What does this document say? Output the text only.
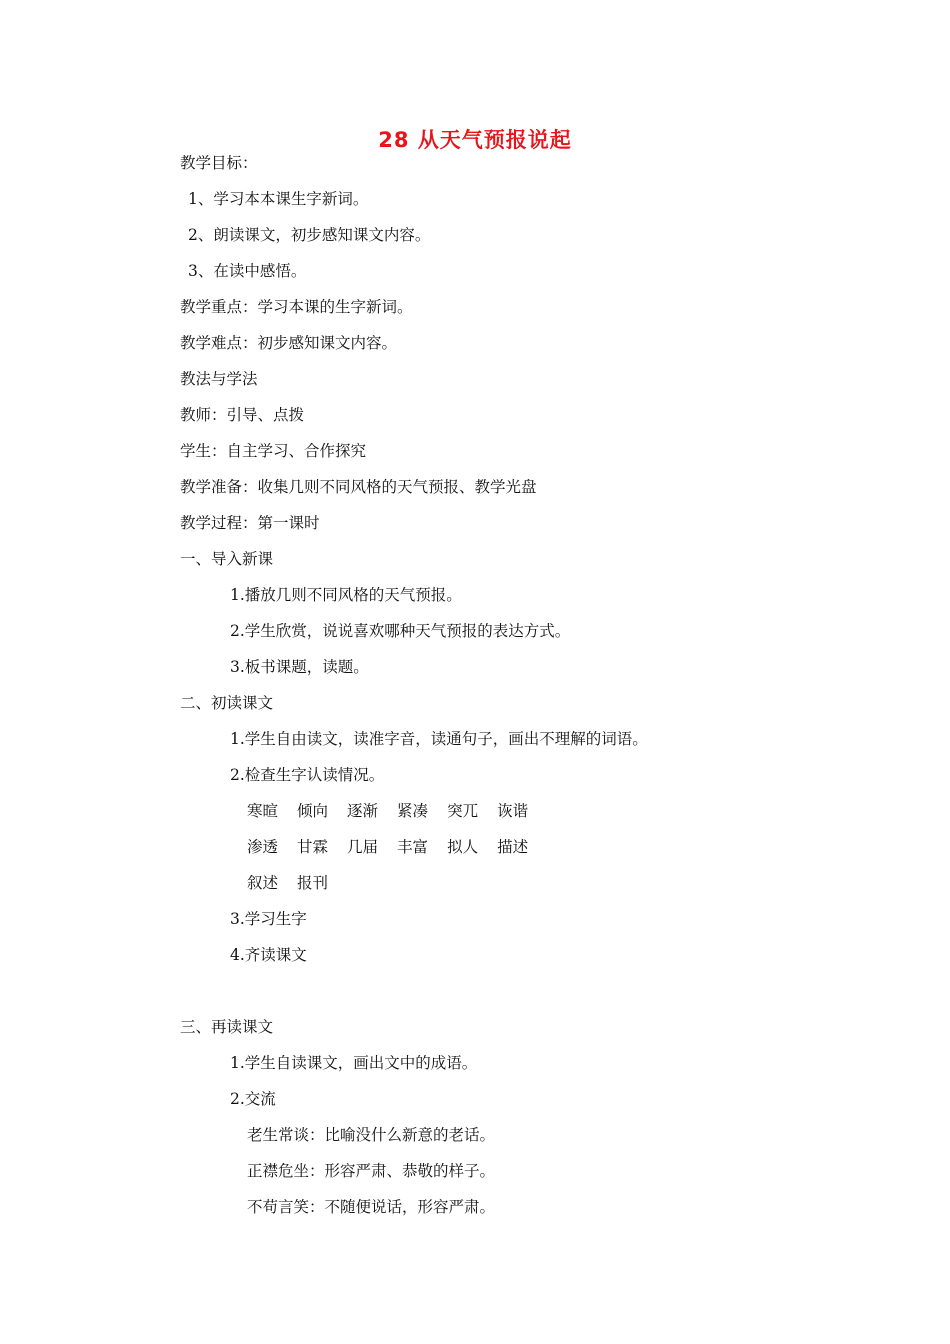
28 从天气预报说起
教学目标：
1、学习本本课生字新词。
2、朗读课文，初步感知课文内容。
3、在读中感悟。
教学重点：学习本课的生字新词。
教学难点：初步感知课文内容。
教法与学法
教师：引导、点拨
学生：自主学习、合作探究
教学准备：收集几则不同风格的天气预报、教学光盘
教学过程：第一课时
一、导入新课
1.播放几则不同风格的天气预报。
2.学生欣赏，说说喜欢哪种天气预报的表达方式。
3.板书课题，读题。
二、初读课文
1.学生自由读文，读准字音，读通句子，画出不理解的词语。
2.检查生字认读情况。
寒暄 倾向 逐渐 紧凑 突兀 诙谐
渗透 甘霖 几届 丰富 拟人 描述
叙述 报刊
3.学习生字
4.齐读课文
三、再读课文
1.学生自读课文，画出文中的成语。
2.交流
老生常谈：比喻没什么新意的老话。
正襟危坐：形容严肃、恭敬的样子。
不苟言笑：不随便说话，形容严肃。
